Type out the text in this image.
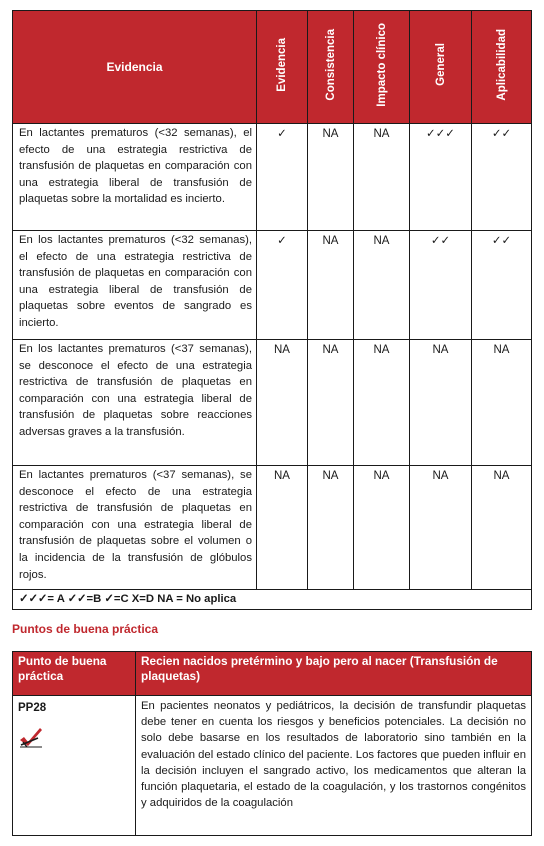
Evidencia	Evidencia	Consistencia	Impacto clínico	General	Aplicabilidad
En lactantes prematuros (<32 semanas), el efecto de una estrategia restrictiva de transfusión de plaquetas en comparación con una estrategia liberal de transfusión de plaquetas sobre la mortalidad es incierto.	✓	NA	NA	✓✓✓	✓✓
En los lactantes prematuros (<32 semanas), el efecto de una estrategia restrictiva de transfusión de plaquetas en comparación con una estrategia liberal de transfusión de plaquetas sobre eventos de sangrado es incierto.	✓	NA	NA	✓✓	✓✓
En los lactantes prematuros (<37 semanas), se desconoce el efecto de una estrategia restrictiva de transfusión de plaquetas en comparación con una estrategia liberal de transfusión de plaquetas sobre reacciones adversas graves a la transfusión.	NA	NA	NA	NA	NA
En lactantes prematuros (<37 semanas), se desconoce el efecto de una estrategia restrictiva de transfusión de plaquetas en comparación con una estrategia liberal de transfusión de plaquetas sobre el volumen o la incidencia de la transfusión de glóbulos rojos.	NA	NA	NA	NA	NA
✓✓✓= A ✓✓=B ✓=C X=D NA = No aplica					
Puntos de buena práctica
Punto de buena práctica	Recien nacidos pretérmino y bajo pero al nacer (Transfusión de plaquetas)

PP28	En pacientes neonatos y pediátricos, la decisión de transfundir plaquetas debe tener en cuenta los riesgos y beneficios potenciales. La decisión no solo debe basarse en los resultados de laboratorio sino también en la evaluación del estado clínico del paciente. Los factores que pueden influir en la decisión incluyen el sangrado activo, los medicamentos que alteran la función plaquetaria, el estado de la coagulación, y los trastornos congénitos y adquiridos de la coagulación
